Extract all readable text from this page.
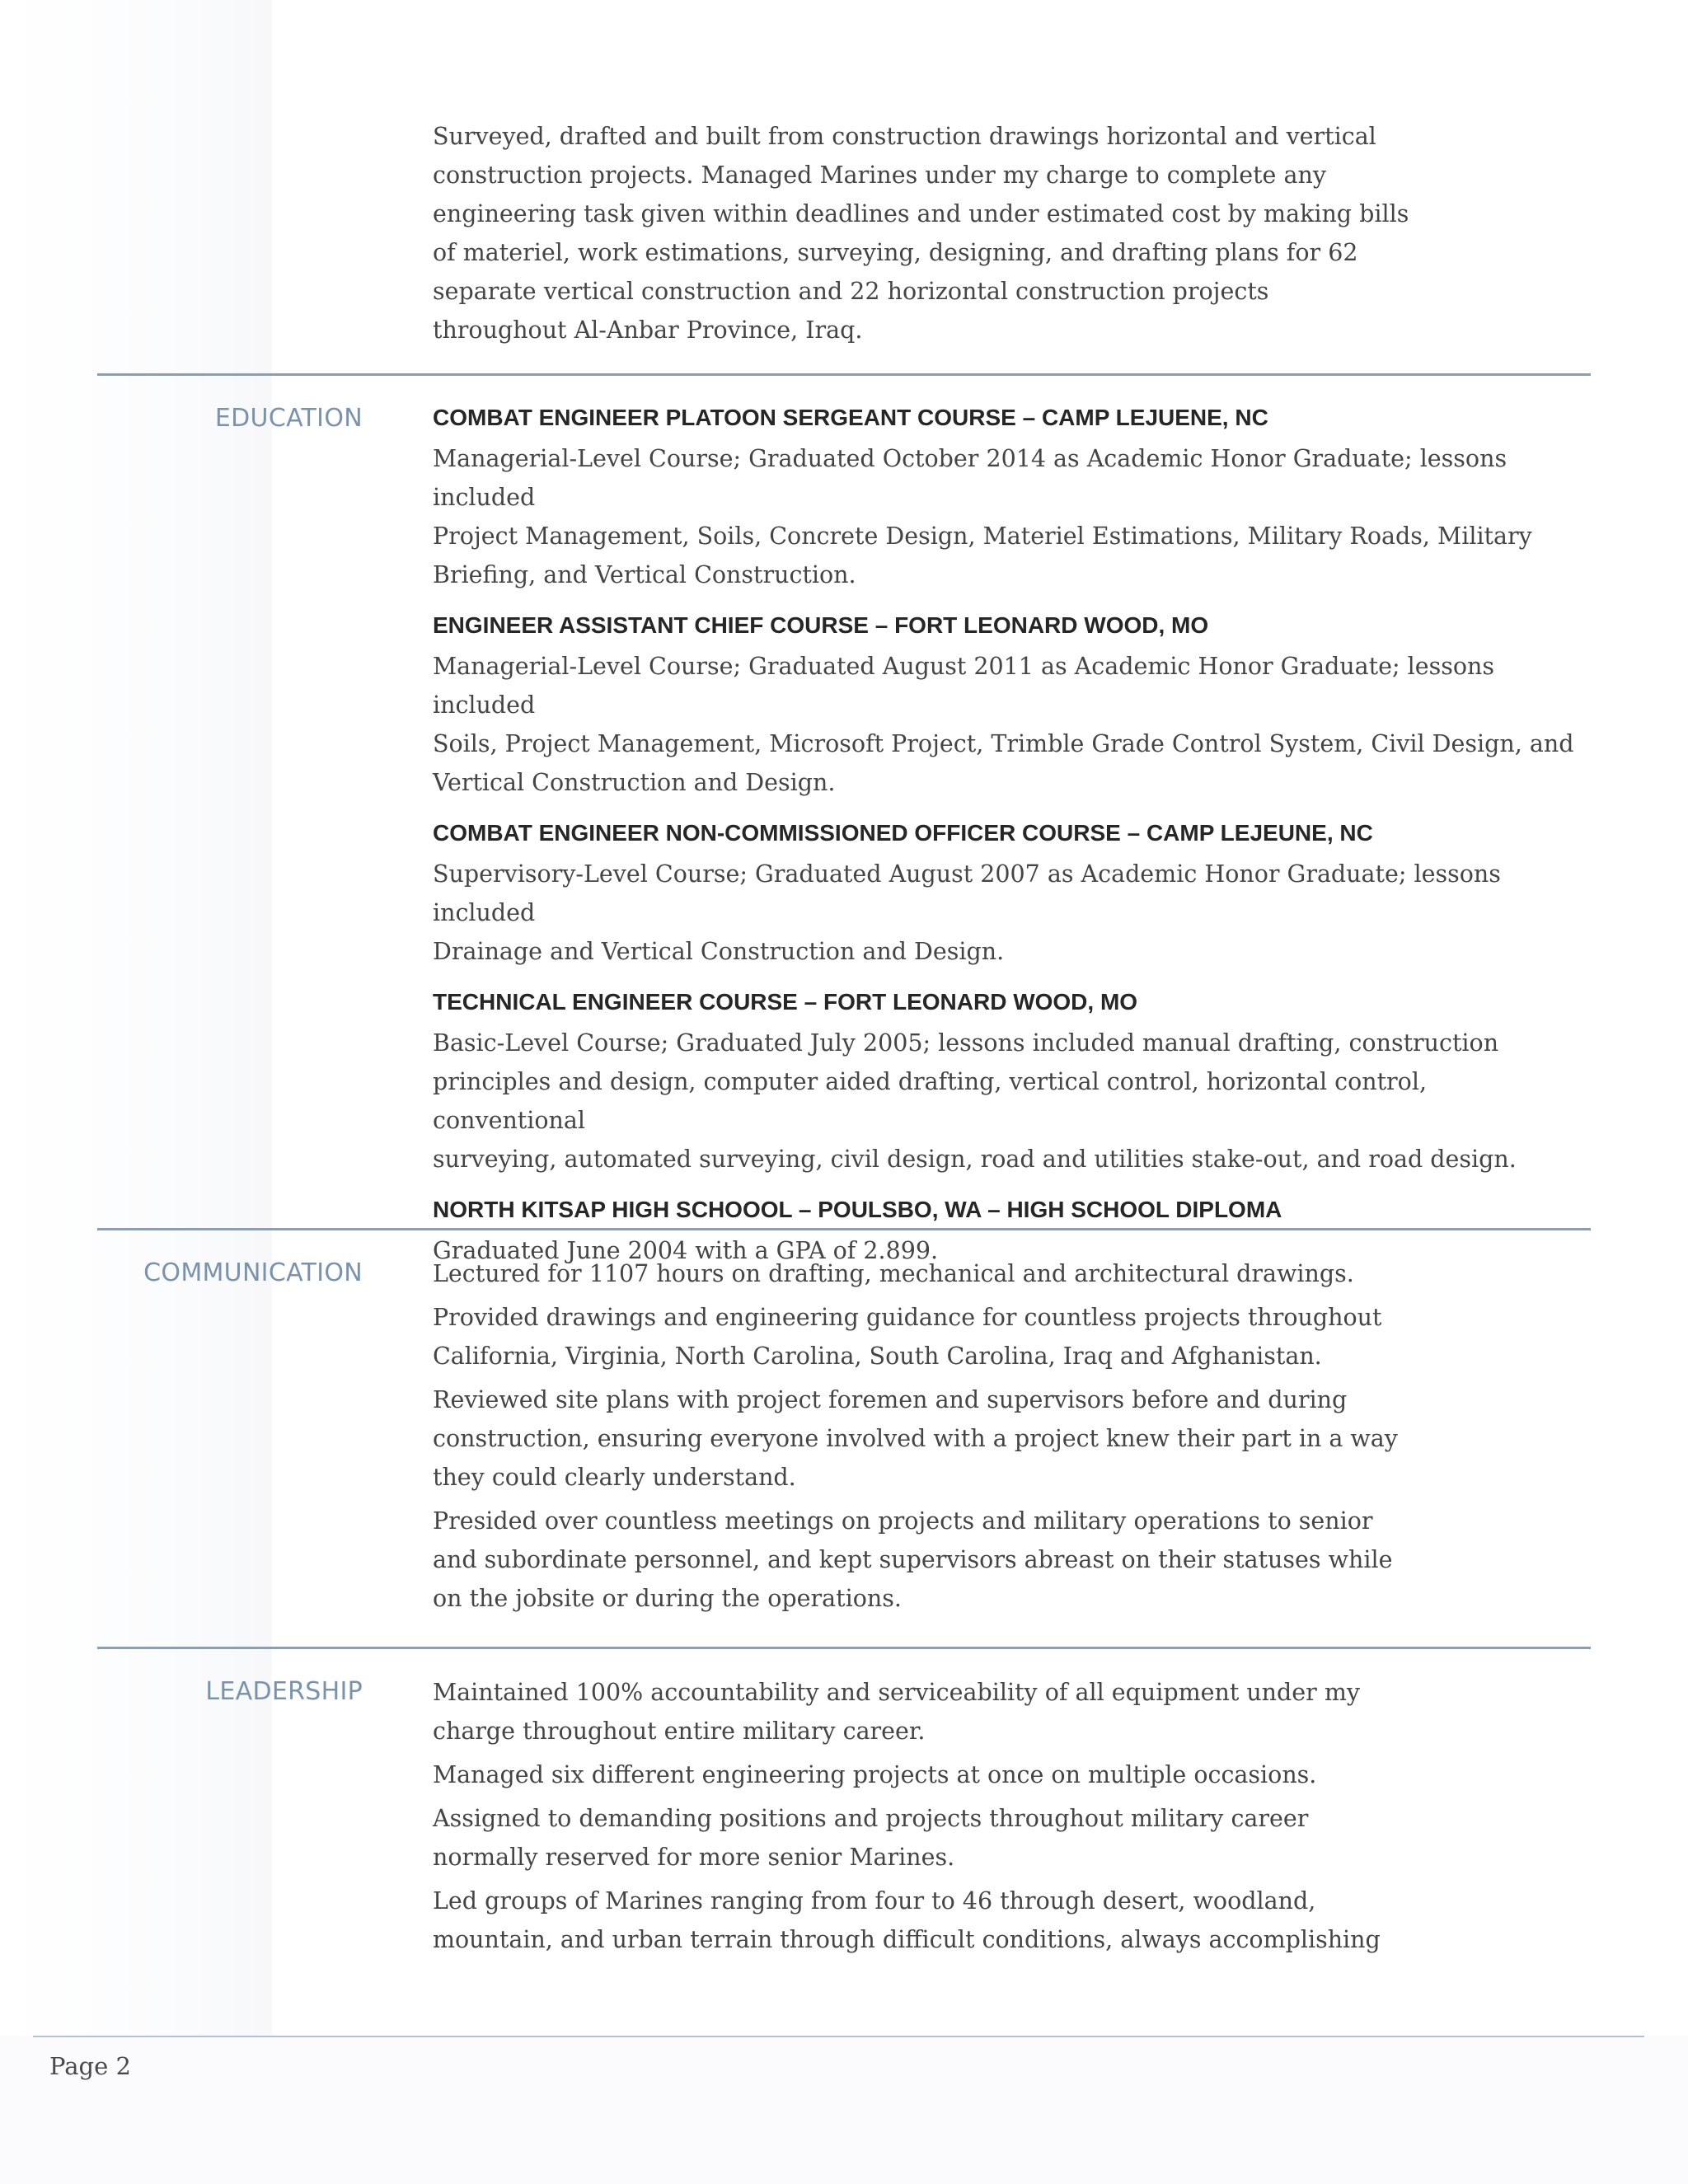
Surveyed, drafted and built from construction drawings horizontal and vertical
construction projects. Managed Marines under my charge to complete any
engineering task given within deadlines and under estimated cost by making bills
of materiel, work estimations, surveying, designing, and drafting plans for 62
separate vertical construction and 22 horizontal construction projects
throughout Al-Anbar Province, Iraq.

EDUCATION	COMBAT ENGINEER PLATOON SERGEANT COURSE – CAMP LEJUENE, NC

Managerial-Level Course; Graduated October 2014 as Academic Honor Graduate; lessons included
Project Management, Soils, Concrete Design, Materiel Estimations, Military Roads, Military
Briefing, and Vertical Construction.

ENGINEER ASSISTANT CHIEF COURSE – FORT LEONARD WOOD, MO

Managerial-Level Course; Graduated August 2011 as Academic Honor Graduate; lessons included
Soils, Project Management, Microsoft Project, Trimble Grade Control System, Civil Design, and
Vertical Construction and Design.

COMBAT ENGINEER NON-COMMISSIONED OFFICER COURSE – CAMP LEJEUNE, NC

Supervisory-Level Course; Graduated August 2007 as Academic Honor Graduate; lessons included
Drainage and Vertical Construction and Design.

TECHNICAL ENGINEER COURSE – FORT LEONARD WOOD, MO

Basic-Level Course; Graduated July 2005; lessons included manual drafting, construction
principles and design, computer aided drafting, vertical control, horizontal control, conventional
surveying, automated surveying, civil design, road and utilities stake-out, and road design.

NORTH KITSAP HIGH SCHOOOL – POULSBO, WA – HIGH SCHOOL DIPLOMA

Graduated June 2004 with a GPA of 2.899.

COMMUNICATION	Lectured for 1107 hours on drafting, mechanical and architectural drawings.

Provided drawings and engineering guidance for countless projects throughout
California, Virginia, North Carolina, South Carolina, Iraq and Afghanistan.

Reviewed site plans with project foremen and supervisors before and during
construction, ensuring everyone involved with a project knew their part in a way
they could clearly understand.

Presided over countless meetings on projects and military operations to senior
and subordinate personnel, and kept supervisors abreast on their statuses while
on the jobsite or during the operations.

LEADERSHIP	Maintained 100% accountability and serviceability of all equipment under my
charge throughout entire military career.

Managed six different engineering projects at once on multiple occasions.

Assigned to demanding positions and projects throughout military career
normally reserved for more senior Marines.

Led groups of Marines ranging from four to 46 through desert, woodland,
mountain, and urban terrain through difficult conditions, always accomplishing

Page 2
